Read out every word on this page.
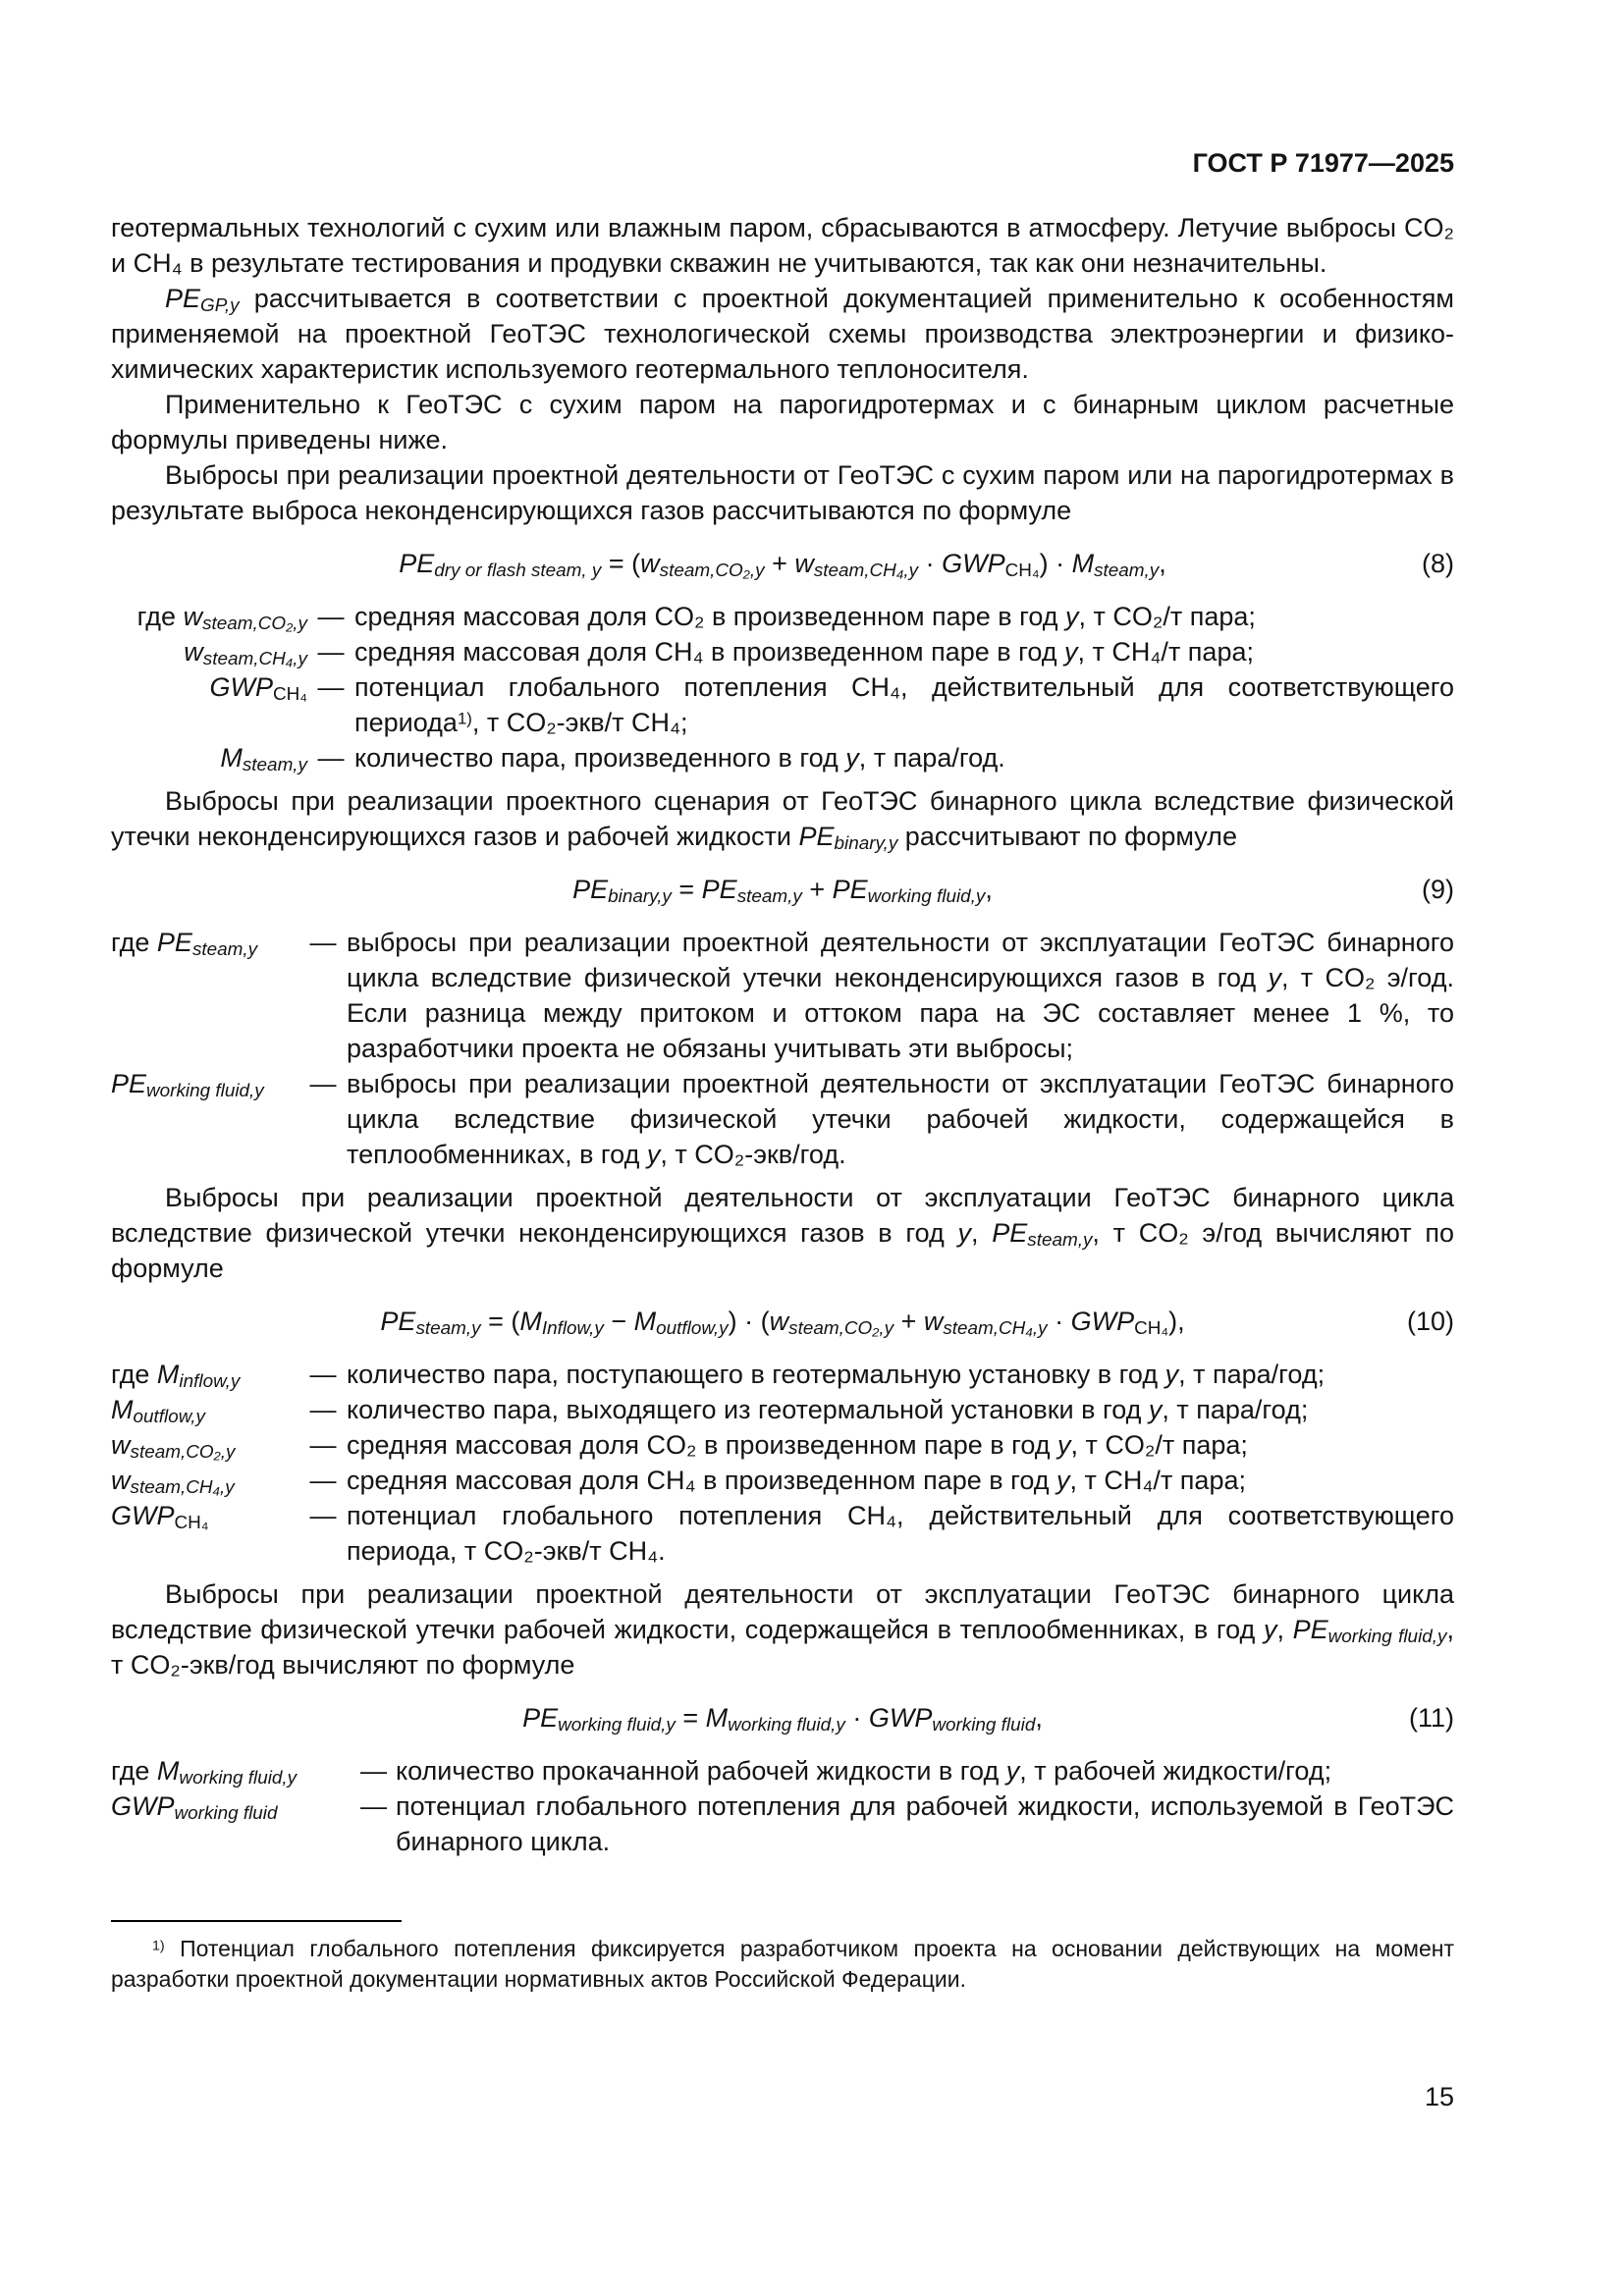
ГОСТ Р 71977—2025

геотермальных технологий с сухим или влажным паром, сбрасываются в атмосферу. Летучие выбросы CO₂ и CH₄ в результате тестирования и продувки скважин не учитываются, так как они незначительны.

PEGP,y рассчитывается в соответствии с проектной документацией применительно к особенностям применяемой на проектной ГеоТЭС технологической схемы производства электроэнергии и физико-химических характеристик используемого геотермального теплоносителя.

Применительно к ГеоТЭС с сухим паром на парогидротермах и с бинарным циклом расчетные формулы приведены ниже.

Выбросы при реализации проектной деятельности от ГеоТЭС с сухим паром или на парогидротермах в результате выброса неконденсирующихся газов рассчитываются по формуле

PEdry or flash steam, y = (wsteam,CO₂,y + wsteam,CH₄,y · GWPCH₄) · Msteam,y,	(8)
где wsteam,CO₂,y — средняя массовая доля CO₂ в произведенном паре в год y, т CO₂/т пара;
wsteam,CH₄,y — средняя массовая доля CH₄ в произведенном паре в год y, т CH₄/т пара;
GWPCH₄ — потенциал глобального потепления CH₄, действительный для соответствующего периода$^{1)}$, т CO₂-экв/т CH₄;
Msteam,y — количество пара, произведенного в год y, т пара/год.

Выбросы при реализации проектного сценария от ГеоТЭС бинарного цикла вследствие физической утечки неконденсирующихся газов и рабочей жидкости PEbinary,y рассчитывают по формуле

PEbinary,y = PEsteam,y + PEworking fluid,y,	(9)
где PEsteam,y	— выбросы при реализации проектной деятельности от эксплуатации ГеоТЭС бинарного цикла вследствие физической утечки неконденсирующихся газов в год y, т CO₂ э/год. Если разница между притоком и оттоком пара на ЭС составляет менее 1 %, то разработчики проекта не обязаны учитывать эти выбросы;
PEworking fluid,y	— выбросы при реализации проектной деятельности от эксплуатации ГеоТЭС бинарного цикла вследствие физической утечки рабочей жидкости, содержащейся в теплообменниках, в год y, т CO₂-экв/год.

Выбросы при реализации проектной деятельности от эксплуатации ГеоТЭС бинарного цикла вследствие физической утечки неконденсирующихся газов в год y, PEsteam,y, т CO₂ э/год вычисляют по формуле

PEsteam,y = (MInflow,y − Moutflow,y) · (wsteam,CO₂,y + wsteam,CH₄,y · GWPCH₄),	(10)
где Minflow,y	— количество пара, поступающего в геотермальную установку в год y, т пара/год;
Moutflow,y	— количество пара, выходящего из геотермальной установки в год y, т пара/год;
wsteam,CO₂,y	— средняя массовая доля CO₂ в произведенном паре в год y, т CO₂/т пара;
wsteam,CH₄,y	— средняя массовая доля CH₄ в произведенном паре в год y, т CH₄/т пара;
GWPCH₄	— потенциал глобального потепления CH₄, действительный для соответствующего периода, т CO₂-экв/т CH₄.

Выбросы при реализации проектной деятельности от эксплуатации ГеоТЭС бинарного цикла вследствие физической утечки рабочей жидкости, содержащейся в теплообменниках, в год y, PEworking fluid,y, т CO₂-экв/год вычисляют по формуле

PEworking fluid,y = Mworking fluid,y · GWPworking fluid,	(11)
где Mworking fluid,y	— количество прокачанной рабочей жидкости в год y, т рабочей жидкости/год;
GWPworking fluid	— потенциал глобального потепления для рабочей жидкости, используемой в ГеоТЭС бинарного цикла.

$^{1)}$ Потенциал глобального потепления фиксируется разработчиком проекта на основании действующих на момент разработки проектной документации нормативных актов Российской Федерации.

15
